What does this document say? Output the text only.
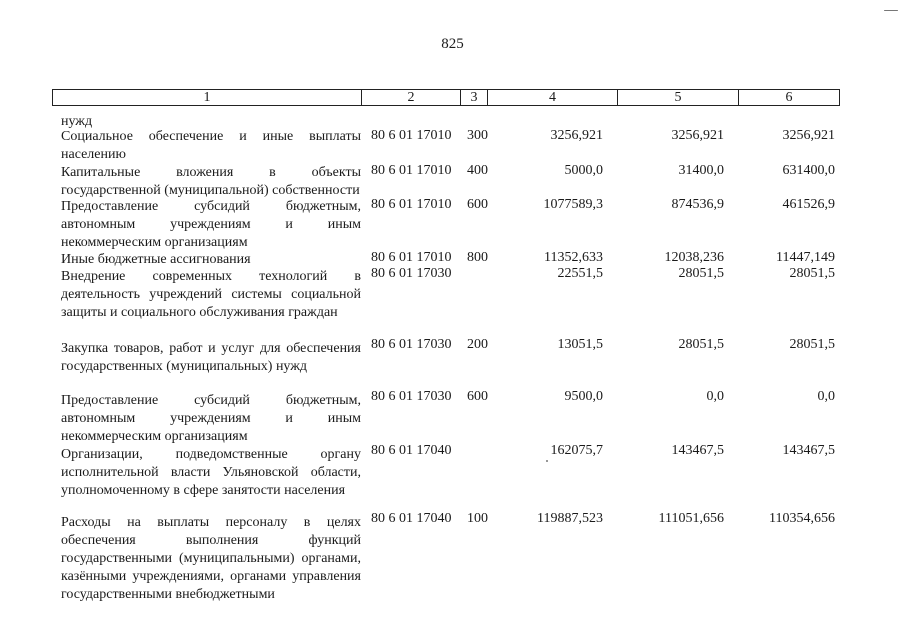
825
1	2	3	4	5	6
нужд
Социальное обеспечение и иные выплаты населению
80 6 01 17010 300	3256,921	3256,921	3256,921
Капитальные вложения в объекты государственной (муниципальной) собственности
80 6 01 17010 400	5000,0	31400,0	631400,0
Предоставление субсидий бюджетным, автономным учреждениям и иным некоммерческим организациям
80 6 01 17010 600	1077589,3	874536,9	461526,9
Иные бюджетные ассигнования	80 6 01 17010 800	11352,633	12038,236	11447,149
Внедрение современных технологий в деятельность учреждений системы социальной защиты и социального обслуживания граждан
80 6 01 17030	22551,5	28051,5	28051,5
Закупка товаров, работ и услуг для обеспечения государственных (муниципальных) нужд
80 6 01 17030 200	13051,5	28051,5	28051,5
Предоставление субсидий бюджетным, автономным учреждениям и иным некоммерческим организациям
80 6 01 17030 600	9500,0	0,0	0,0
Организации, подведомственные органу исполнительной власти Ульяновской области, уполномоченному в сфере занятости населения
80 6 01 17040	162075,7	143467,5	143467,5
Расходы на выплаты персоналу в целях обеспечения выполнения функций государственными (муниципальными) органами, казёнными учреждениями, органами управления государственными внебюджетными
80 6 01 17040 100	119887,523	111051,656	110354,656
